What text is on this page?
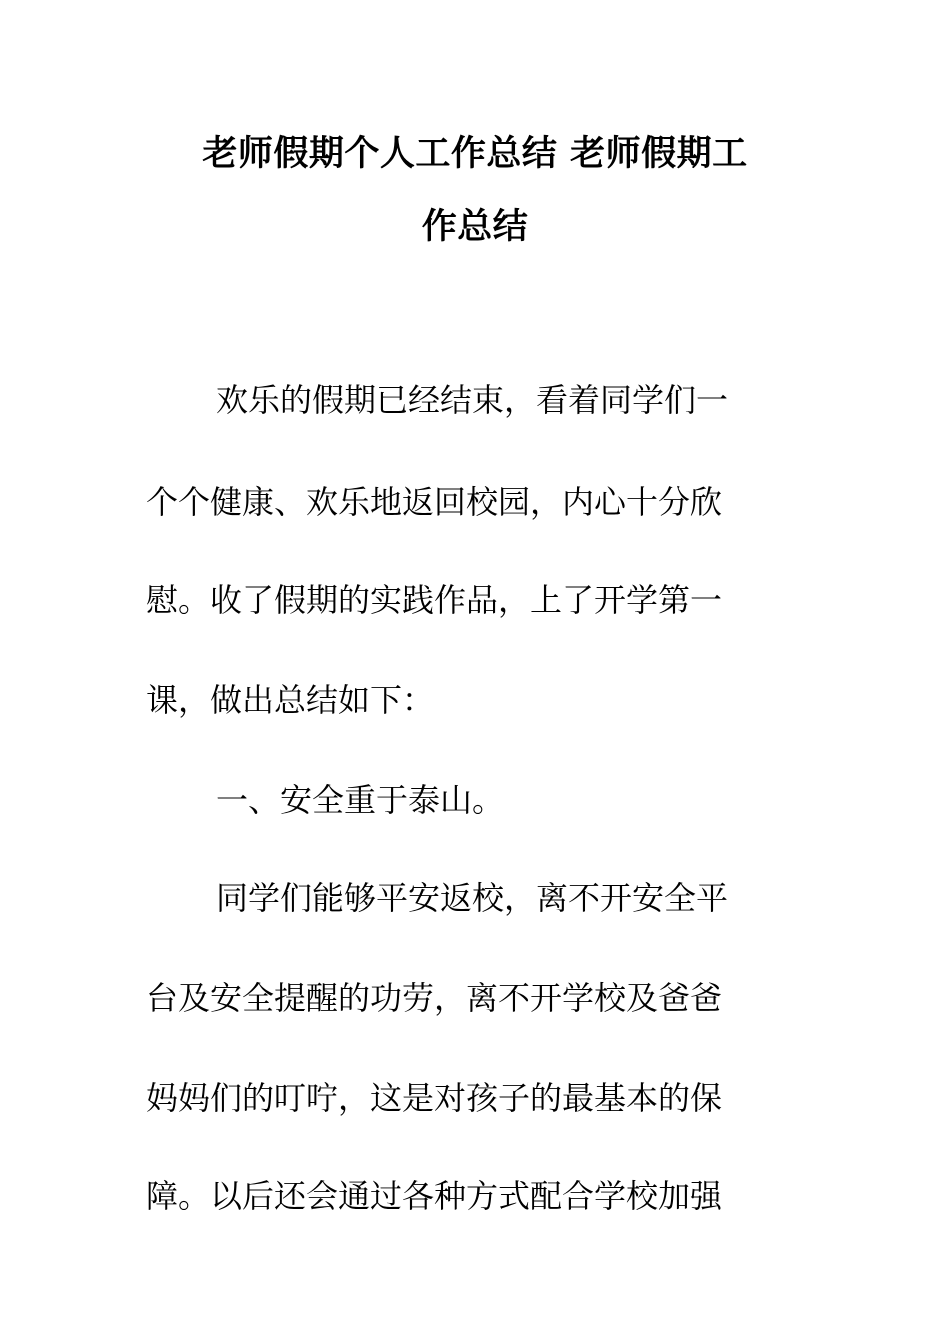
老师假期个人工作总结 老师假期工
作总结
欢乐的假期已经结束，看着同学们一
个个健康、欢乐地返回校园，内心十分欣
慰。收了假期的实践作品，上了开学第一
课，做出总结如下：
一、安全重于泰山。
同学们能够平安返校，离不开安全平
台及安全提醒的功劳，离不开学校及爸爸
妈妈们的叮咛，这是对孩子的最基本的保
障。以后还会通过各种方式配合学校加强
